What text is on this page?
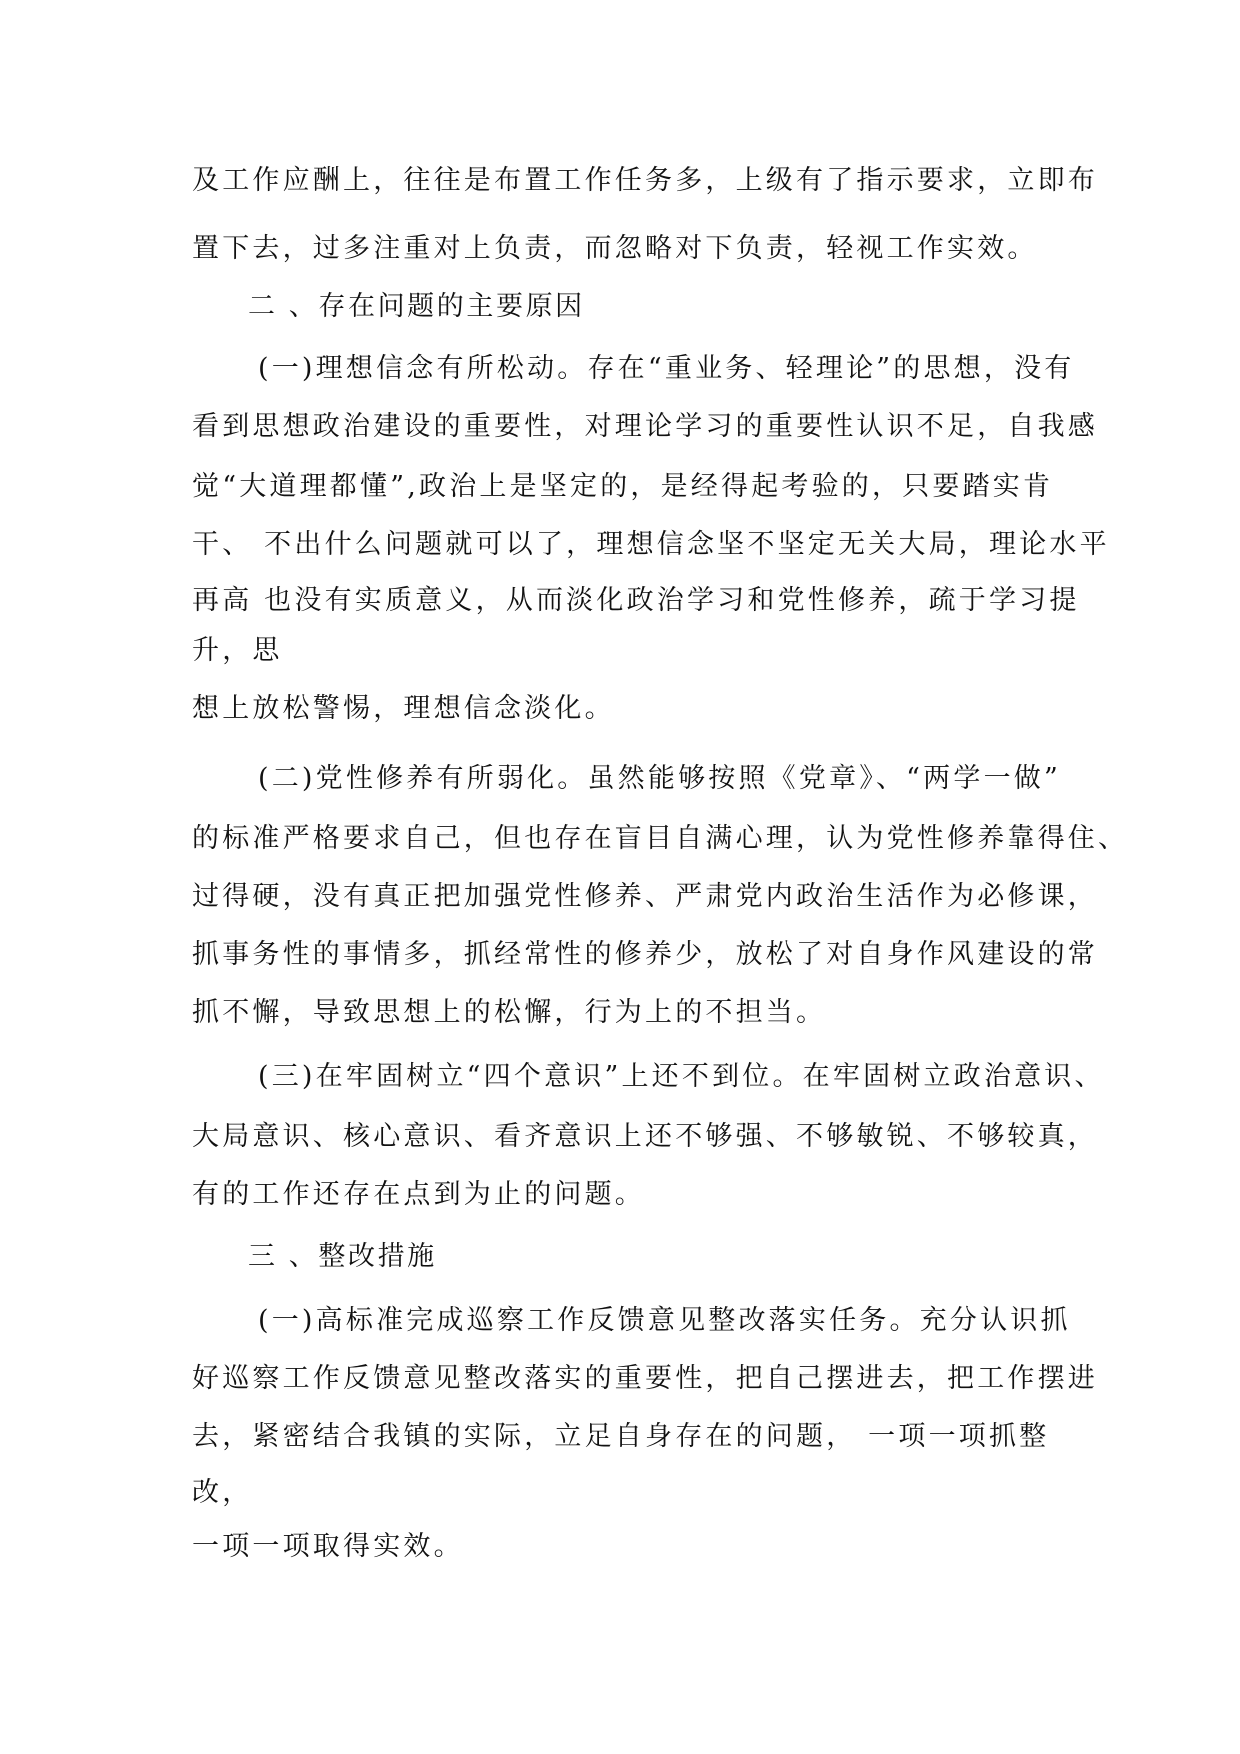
及工作应酬上，往往是布置工作任务多，上级有了指示要求，立即布
置下去，过多注重对上负责，而忽略对下负责，轻视工作实效。
二 、存在问题的主要原因
(一)理想信念有所松动。存在“重业务、轻理论”的思想，没有
看到思想政治建设的重要性，对理论学习的重要性认识不足，自我感
觉“大道理都懂”,政治上是坚定的，是经得起考验的，只要踏实肯
干、 不出什么问题就可以了，理想信念坚不坚定无关大局，理论水平
再高 也没有实质意义，从而淡化政治学习和党性修养，疏于学习提
升，思
想上放松警惕，理想信念淡化。
(二)党性修养有所弱化。虽然能够按照《党章》、“两学一做”
的标准严格要求自己，但也存在盲目自满心理，认为党性修养靠得住、
过得硬，没有真正把加强党性修养、严肃党内政治生活作为必修课，
抓事务性的事情多，抓经常性的修养少，放松了对自身作风建设的常
抓不懈，导致思想上的松懈，行为上的不担当。
(三)在牢固树立“四个意识”上还不到位。在牢固树立政治意识、
大局意识、核心意识、看齐意识上还不够强、不够敏锐、不够较真，
有的工作还存在点到为止的问题。
三 、整改措施
(一)高标准完成巡察工作反馈意见整改落实任务。充分认识抓
好巡察工作反馈意见整改落实的重要性，把自己摆进去，把工作摆进
去，紧密结合我镇的实际，立足自身存在的问题， 一项一项抓整
改，
一项一项取得实效。
